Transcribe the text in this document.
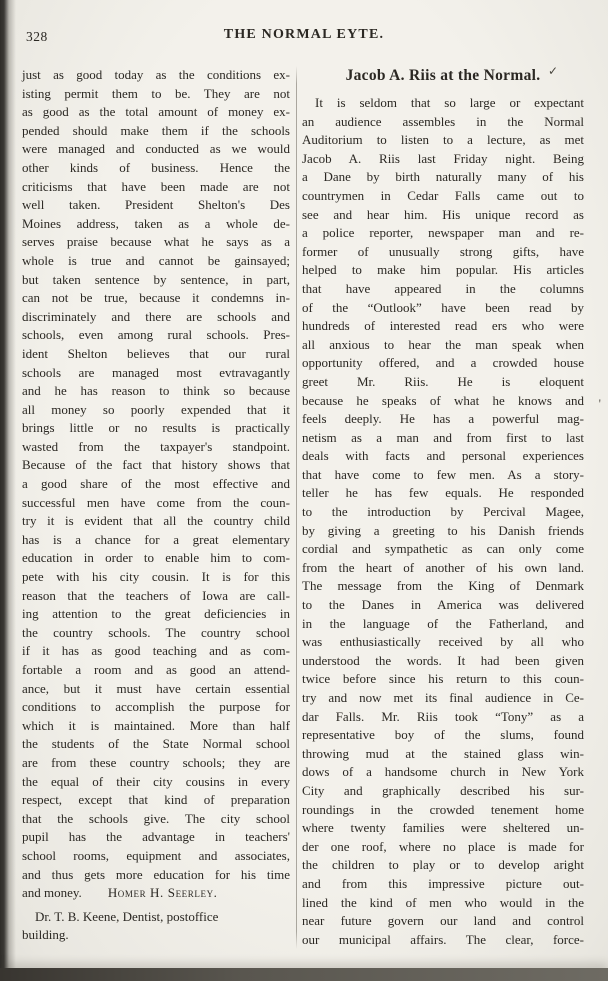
328	THE NORMAL EYTE.
just as good today as the conditions ex-
isting permit them to be. They are not
as good as the total amount of money ex-
pended should make them if the schools
were managed and conducted as we would
other kinds of business. Hence the
criticisms that have been made are not
well taken. President Shelton's Des
Moines address, taken as a whole de-
serves praise because what he says as a
whole is true and cannot be gainsayed;
but taken sentence by sentence, in part,
can not be true, because it condemns in-
discriminately and there are schools and
schools, even among rural schools. Pres-
ident Shelton believes that our rural
schools are managed most evtravagantly
and he has reason to think so because
all money so poorly expended that it
brings little or no results is practically
wasted from the taxpayer's standpoint.
Because of the fact that history shows that
a good share of the most effective and
successful men have come from the coun-
try it is evident that all the country child
has is a chance for a great elementary
education in order to enable him to com-
pete with his city cousin. It is for this
reason that the teachers of Iowa are call-
ing attention to the great deficiencies in
the country schools. The country school
if it has as good teaching and as com-
fortable a room and as good an attend-
ance, but it must have certain essential
conditions to accomplish the purpose for
which it is maintained. More than half
the students of the State Normal school
are from these country schools; they are
the equal of their city cousins in every
respect, except that kind of preparation
that the schools give. The city school
pupil has the advantage in teachers'
school rooms, equipment and associates,
and thus gets more education for his time
and money. Homer H. Seerley.
Dr. T. B. Keene, Dentist, postoffice
building.
Jacob A. Riis at the Normal. ✓
It is seldom that so large or expectant
an audience assembles in the Normal
Auditorium to listen to a lecture, as met
Jacob A. Riis last Friday night. Being
a Dane by birth naturally many of his
countrymen in Cedar Falls came out to
see and hear him. His unique record as
a police reporter, newspaper man and re-
former of unusually strong gifts, have
helped to make him popular. His articles
that have appeared in the columns
of the “Outlook” have been read by
hundreds of interested read ers who were
all anxious to hear the man speak when
opportunity offered, and a crowded house
greet Mr. Riis. He is eloquent
because he speaks of what he knows and
feels deeply. He has a powerful mag-
netism as a man and from first to last
deals with facts and personal experiences
that have come to few men. As a story-
teller he has few equals. He responded
to the introduction by Percival Magee,
by giving a greeting to his Danish friends
cordial and sympathetic as can only come
from the heart of another of his own land.
The message from the King of Denmark
to the Danes in America was delivered
in the language of the Fatherland, and
was enthusiastically received by all who
understood the words. It had been given
twice before since his return to this coun-
try and now met its final audience in Ce-
dar Falls. Mr. Riis took “Tony” as a
representative boy of the slums, found
throwing mud at the stained glass win-
dows of a handsome church in New York
City and graphically described his sur-
roundings in the crowded tenement home
where twenty families were sheltered un-
der one roof, where no place is made for
the children to play or to develop aright
and from this impressive picture out-
lined the kind of men who would in the
near future govern our land and control
our municipal affairs. The clear, force-
'
